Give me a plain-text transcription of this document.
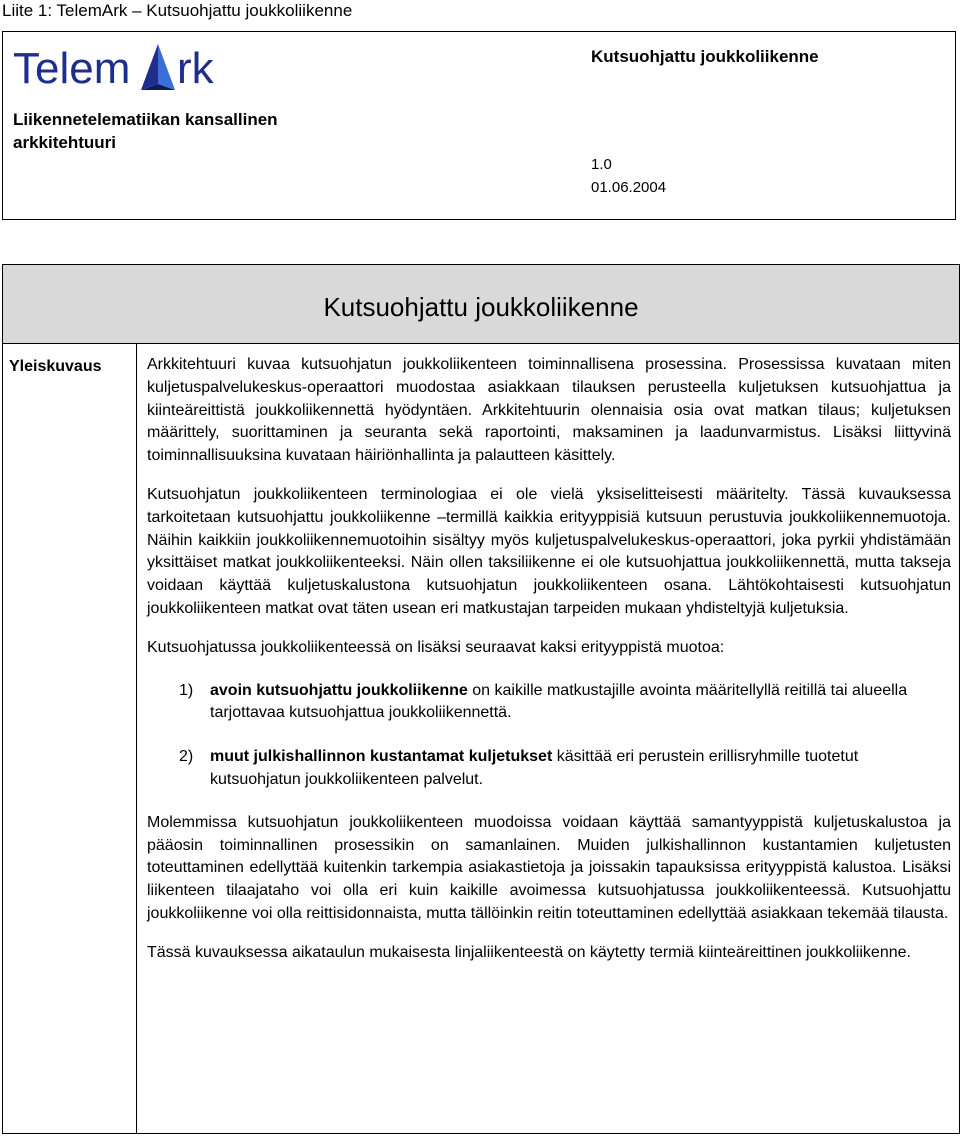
Liite 1: TelemArk – Kutsuohjattu joukkoliikenne
Telem rk
Liikennetelematiikan kansallinen arkkitehtuuri
Kutsuohjattu joukkoliikenne
1.0
01.06.2004
Kutsuohjattu joukkoliikenne
Yleiskuvaus	Arkkitehtuuri kuvaa kutsuohjatun joukkoliikenteen toiminnallisena prosessina. Prosessissa kuvataan miten kuljetuspalvelukeskus-operaattori muodostaa asiakkaan tilauksen perusteella kuljetuksen kutsuohjattua ja kiinteäreittistä joukkoliikennettä hyödyntäen. Arkkitehtuurin olennaisia osia ovat matkan tilaus; kuljetuksen määrittely, suorittaminen ja seuranta sekä raportointi, maksaminen ja laadunvarmistus. Lisäksi liittyvinä toiminnallisuuksina kuvataan häiriönhallinta ja palautteen käsittely.

Kutsuohjatun joukkoliikenteen terminologiaa ei ole vielä yksiselitteisesti määritelty. Tässä kuvauksessa tarkoitetaan kutsuohjattu joukkoliikenne –termillä kaikkia erityyppisiä kutsuun perustuvia joukkoliikennemuotoja. Näihin kaikkiin joukkoliikennemuotoihin sisältyy myös kuljetuspalvelukeskus-operaattori, joka pyrkii yhdistämään yksittäiset matkat joukkoliikenteeksi. Näin ollen taksiliikenne ei ole kutsuohjattua joukkoliikennettä, mutta takseja voidaan käyttää kuljetuskalustona kutsuohjatun joukkoliikenteen osana. Lähtökohtaisesti kutsuohjatun joukkoliikenteen matkat ovat täten usean eri matkustajan tarpeiden mukaan yhdisteltyjä kuljetuksia.

Kutsuohjatussa joukkoliikenteessä on lisäksi seuraavat kaksi erityyppistä muotoa:

1) avoin kutsuohjattu joukkoliikenne on kaikille matkustajille avointa määritellyllä reitillä tai alueella tarjottavaa kutsuohjattua joukkoliikennettä.
2) muut julkishallinnon kustantamat kuljetukset käsittää eri perustein erillisryhmille tuotetut kutsuohjatun joukkoliikenteen palvelut.

Molemmissa kutsuohjatun joukkoliikenteen muodoissa voidaan käyttää samantyyppistä kuljetuskalustoa ja pääosin toiminnallinen prosessikin on samanlainen. Muiden julkishallinnon kustantamien kuljetusten toteuttaminen edellyttää kuitenkin tarkempia asiakastietoja ja joissakin tapauksissa erityyppistä kalustoa. Lisäksi liikenteen tilaajataho voi olla eri kuin kaikille avoimessa kutsuohjatussa joukkoliikenteessä. Kutsuohjattu joukkoliikenne voi olla reittisidonnaista, mutta tällöinkin reitin toteuttaminen edellyttää asiakkaan tekemää tilausta.

Tässä kuvauksessa aikataulun mukaisesta linjaliikenteestä on käytetty termiä kiinteäreittinen joukkoliikenne.
